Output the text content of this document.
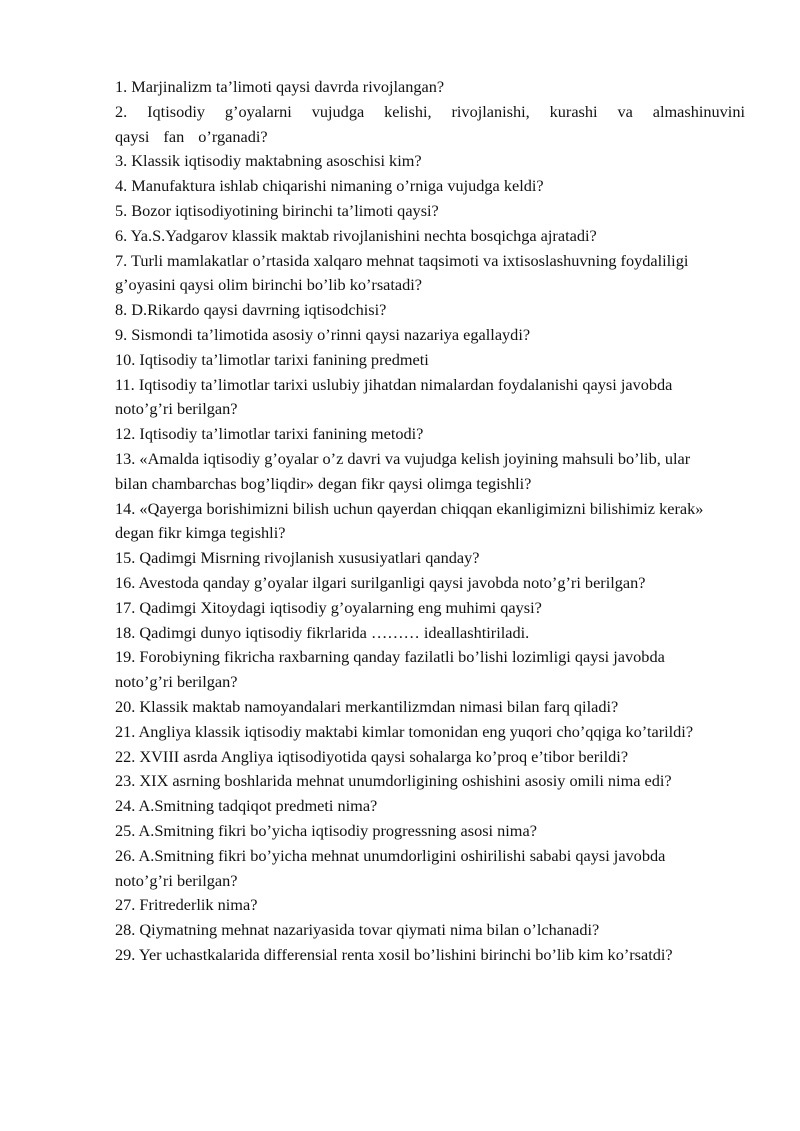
1. Marjinalizm ta’limoti qaysi davrda rivojlangan?

2. Iqtisodiy g’oyalarni vujudga kelishi, rivojlanishi, kurashi va almashinuvini qaysi fan o’rganadi?

3. Klassik iqtisodiy maktabning asoschisi kim?

4. Manufaktura ishlab chiqarishi nimaning o’rniga vujudga keldi?

5. Bozor iqtisodiyotining birinchi ta’limoti qaysi?

6. Ya.S.Yadgarov klassik maktab rivojlanishini nechta bosqichga ajratadi?

7. Turli mamlakatlar o’rtasida xalqaro mehnat taqsimoti va ixtisoslashuvning foydaliligi g’oyasini qaysi olim birinchi bo’lib ko’rsatadi?

8. D.Rikardo qaysi davrning iqtisodchisi?

9. Sismondi ta’limotida asosiy o’rinni qaysi nazariya egallaydi?

10. Iqtisodiy ta’limotlar tarixi fanining predmeti

11. Iqtisodiy ta’limotlar tarixi uslubiy jihatdan nimalardan foydalanishi qaysi javobda noto’g’ri berilgan?

12. Iqtisodiy ta’limotlar tarixi fanining metodi?

13. «Amalda iqtisodiy g’oyalar o’z davri va vujudga kelish joyining mahsuli bo’lib, ular bilan chambarchas bog’liqdir» degan fikr qaysi olimga tegishli?

14. «Qayerga borishimizni bilish uchun qayerdan chiqqan ekanligimizni bilishimiz kerak» degan fikr kimga tegishli?

15. Qadimgi Misrning rivojlanish xususiyatlari qanday?

16. Avestoda qanday g’oyalar ilgari surilganligi qaysi javobda noto’g’ri berilgan?

17. Qadimgi Xitoydagi iqtisodiy g’oyalarning eng muhimi qaysi?

18. Qadimgi dunyo iqtisodiy fikrlarida ……… ideallashtiriladi.

19. Forobiyning fikricha raxbarning qanday fazilatli bo’lishi lozimligi qaysi javobda noto’g’ri berilgan?

20. Klassik maktab namoyandalari merkantilizmdan nimasi bilan farq qiladi?

21. Angliya klassik iqtisodiy maktabi kimlar tomonidan eng yuqori cho’qqiga ko’tarildi?

22. XVIII asrda Angliya iqtisodiyotida qaysi sohalarga ko’proq e’tibor berildi?

23. XIX asrning boshlarida mehnat unumdorligining oshishini asosiy omili nima edi?

24. A.Smitning tadqiqot predmeti nima?

25. A.Smitning fikri bo’yicha iqtisodiy progressning asosi nima?

26. A.Smitning fikri bo’yicha mehnat unumdorligini oshirilishi sababi qaysi javobda noto’g’ri berilgan?

27. Fritrederlik nima?

28. Qiymatning mehnat nazariyasida tovar qiymati nima bilan o’lchanadi?

29. Yer uchastkalarida differensial renta xosil bo’lishini birinchi bo’lib kim ko’rsatdi?
